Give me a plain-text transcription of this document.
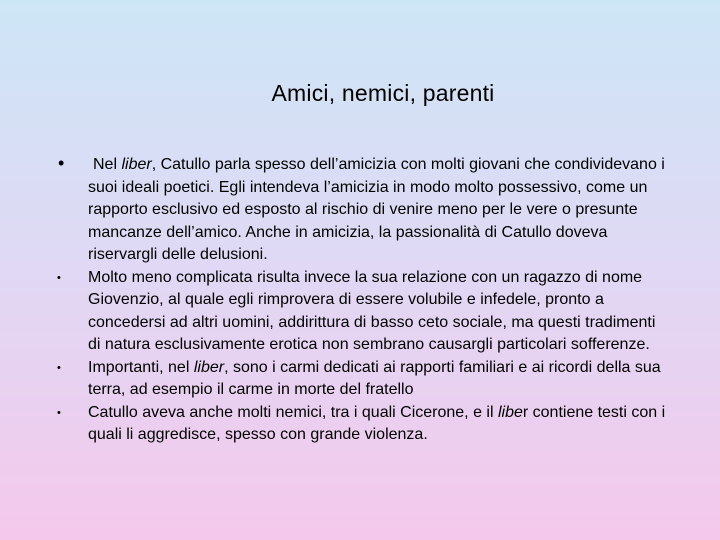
Amici, nemici, parenti
• Nel liber, Catullo parla spesso dell’amicizia con molti giovani che condividevano i suoi ideali poetici. Egli intendeva l’amicizia in modo molto possessivo, come un rapporto esclusivo ed esposto al rischio di venire meno per le vere o presunte mancanze dell’amico. Anche in amicizia, la passionalità di Catullo doveva riservargli delle delusioni.
• Molto meno complicata risulta invece la sua relazione con un ragazzo di nome Giovenzio, al quale egli rimprovera di essere volubile e infedele, pronto a concedersi ad altri uomini, addirittura di basso ceto sociale, ma questi tradimenti di natura esclusivamente erotica non sembrano causargli particolari sofferenze.
• Importanti, nel liber, sono i carmi dedicati ai rapporti familiari e ai ricordi della sua terra, ad esempio il carme in morte del fratello
• Catullo aveva anche molti nemici, tra i quali Cicerone, e il liber contiene testi con i quali li aggredisce, spesso con grande violenza.
